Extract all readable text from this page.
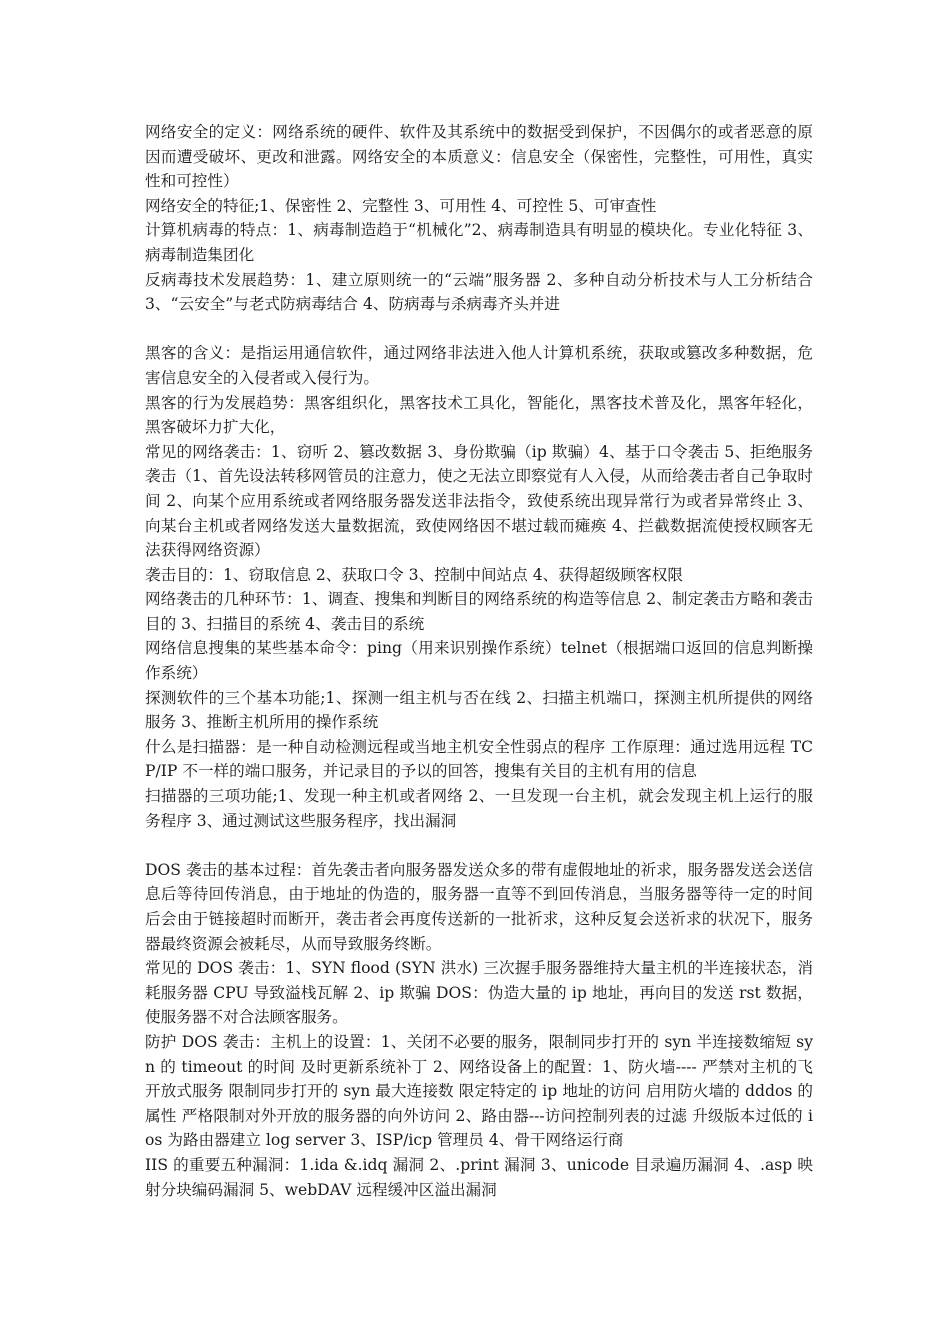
网络安全的定义：网络系统的硬件、软件及其系统中的数据受到保护，不因偶尔的或者恶意的原因而遭受破坏、更改和泄露。网络安全的本质意义：信息安全（保密性，完整性，可用性，真实性和可控性）

网络安全的特征;1、保密性 2、完整性 3、可用性 4、可控性 5、可审查性

计算机病毒的特点：1、病毒制造趋于“机械化”2、病毒制造具有明显的模块化。专业化特征 3、病毒制造集团化

反病毒技术发展趋势：1、建立原则统一的“云端”服务器 2、多种自动分析技术与人工分析结合 3、“云安全”与老式防病毒结合 4、防病毒与杀病毒齐头并进

黑客的含义：是指运用通信软件，通过网络非法进入他人计算机系统，获取或篡改多种数据，危害信息安全的入侵者或入侵行为。

黑客的行为发展趋势：黑客组织化，黑客技术工具化，智能化，黑客技术普及化，黑客年轻化，黑客破坏力扩大化，

常见的网络袭击：1、窃听 2、篡改数据 3、身份欺骗（ip 欺骗）4、基于口令袭击 5、拒绝服务袭击（1、首先设法转移网管员的注意力，使之无法立即察觉有人入侵，从而给袭击者自己争取时间 2、向某个应用系统或者网络服务器发送非法指令，致使系统出现异常行为或者异常终止 3、向某台主机或者网络发送大量数据流，致使网络因不堪过载而瘫痪 4、拦截数据流使授权顾客无法获得网络资源）

袭击目的：1、窃取信息 2、获取口令 3、控制中间站点 4、获得超级顾客权限

网络袭击的几种环节：1、调查、搜集和判断目的网络系统的构造等信息 2、制定袭击方略和袭击目的 3、扫描目的系统 4、袭击目的系统

网络信息搜集的某些基本命令：ping（用来识别操作系统）telnet（根据端口返回的信息判断操作系统）

探测软件的三个基本功能;1、探测一组主机与否在线 2、扫描主机端口，探测主机所提供的网络服务 3、推断主机所用的操作系统

什么是扫描器：是一种自动检测远程或当地主机安全性弱点的程序 工作原理：通过选用远程 TCP/IP 不一样的端口服务，并记录目的予以的回答，搜集有关目的主机有用的信息

扫描器的三项功能;1、发现一种主机或者网络 2、一旦发现一台主机，就会发现主机上运行的服务程序 3、通过测试这些服务程序，找出漏洞

DOS 袭击的基本过程：首先袭击者向服务器发送众多的带有虚假地址的祈求，服务器发送会送信息后等待回传消息，由于地址的伪造的，服务器一直等不到回传消息，当服务器等待一定的时间后会由于链接超时而断开，袭击者会再度传送新的一批祈求，这种反复会送祈求的状况下，服务器最终资源会被耗尽，从而导致服务终断。

常见的 DOS 袭击：1、SYN flood (SYN 洪水) 三次握手服务器维持大量主机的半连接状态，消耗服务器 CPU 导致溢栈瓦解 2、ip 欺骗 DOS：伪造大量的 ip 地址，再向目的发送 rst 数据，使服务器不对合法顾客服务。

防护 DOS 袭击：主机上的设置：1、关闭不必要的服务，限制同步打开的 syn 半连接数缩短 syn 的 timeout 的时间 及时更新系统补丁 2、网络设备上的配置：1、防火墙---- 严禁对主机的飞开放式服务 限制同步打开的 syn 最大连接数 限定特定的 ip 地址的访问 启用防火墙的 dddos 的属性 严格限制对外开放的服务器的向外访问 2、路由器---访问控制列表的过滤 升级版本过低的 ios 为路由器建立 log server 3、ISP/icp 管理员 4、骨干网络运行商

IIS 的重要五种漏洞：1.ida &.idq 漏洞 2、.print 漏洞 3、unicode 目录遍历漏洞 4、.asp 映射分块编码漏洞 5、webDAV 远程缓冲区溢出漏洞
